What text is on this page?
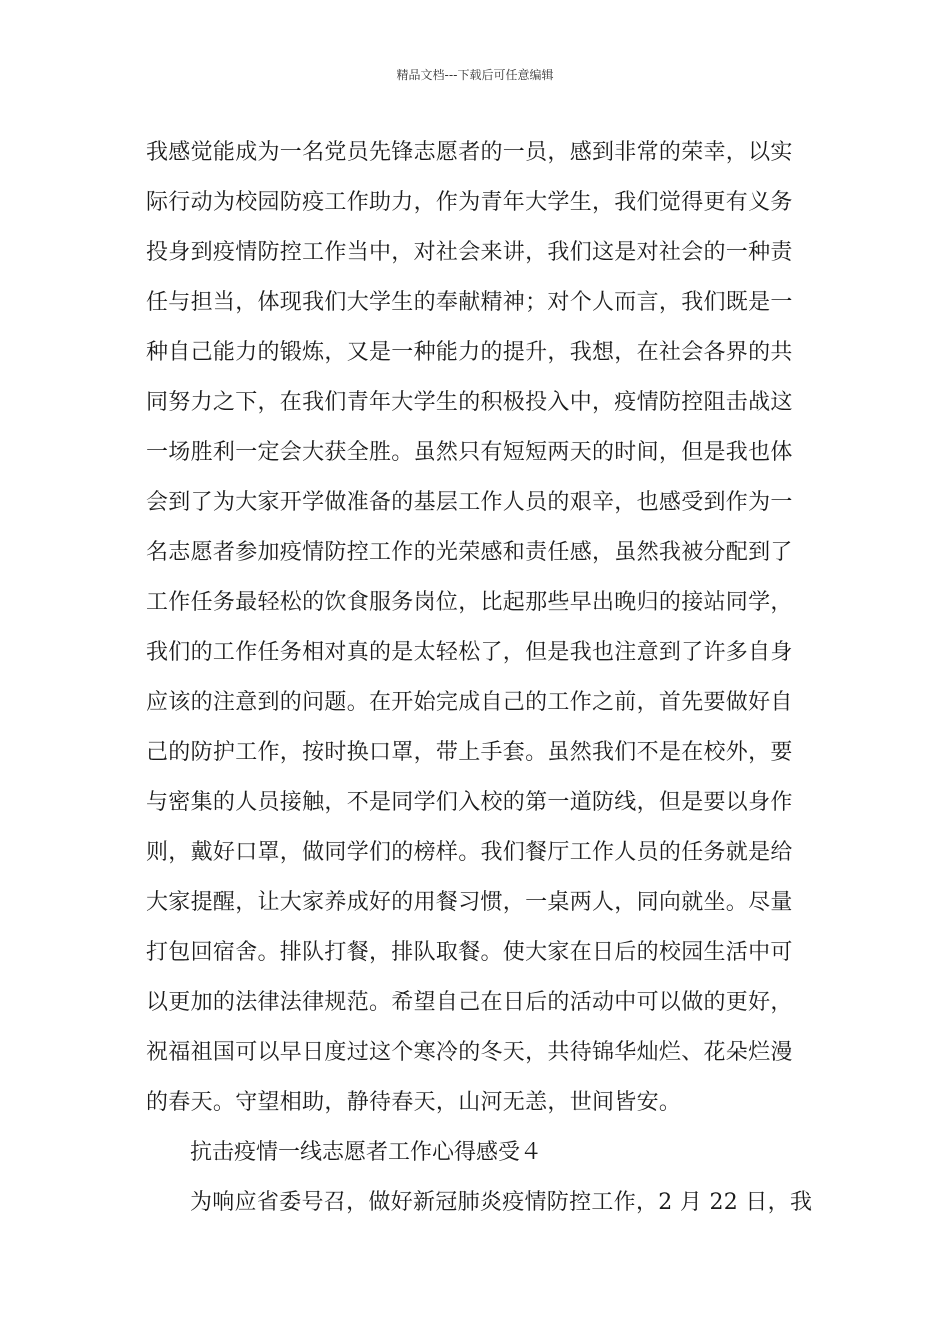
精品文档---下载后可任意编辑
我感觉能成为一名党员先锋志愿者的一员，感到非常的荣幸，以实
际行动为校园防疫工作助力，作为青年大学生，我们觉得更有义务
投身到疫情防控工作当中，对社会来讲，我们这是对社会的一种责
任与担当，体现我们大学生的奉献精神；对个人而言，我们既是一
种自己能力的锻炼，又是一种能力的提升，我想，在社会各界的共
同努力之下，在我们青年大学生的积极投入中，疫情防控阻击战这
一场胜利一定会大获全胜。虽然只有短短两天的时间，但是我也体
会到了为大家开学做准备的基层工作人员的艰辛，也感受到作为一
名志愿者参加疫情防控工作的光荣感和责任感，虽然我被分配到了
工作任务最轻松的饮食服务岗位，比起那些早出晚归的接站同学，
我们的工作任务相对真的是太轻松了，但是我也注意到了许多自身
应该的注意到的问题。在开始完成自己的工作之前，首先要做好自
己的防护工作，按时换口罩，带上手套。虽然我们不是在校外，要
与密集的人员接触，不是同学们入校的第一道防线，但是要以身作
则，戴好口罩，做同学们的榜样。我们餐厅工作人员的任务就是给
大家提醒，让大家养成好的用餐习惯，一桌两人，同向就坐。尽量
打包回宿舍。排队打餐，排队取餐。使大家在日后的校园生活中可
以更加的法律法律规范。希望自己在日后的活动中可以做的更好，
祝福祖国可以早日度过这个寒冷的冬天，共待锦华灿烂、花朵烂漫
的春天。守望相助，静待春天，山河无恙，世间皆安。
抗击疫情一线志愿者工作心得感受４
为响应省委号召，做好新冠肺炎疫情防控工作，2 月 22 日，我
